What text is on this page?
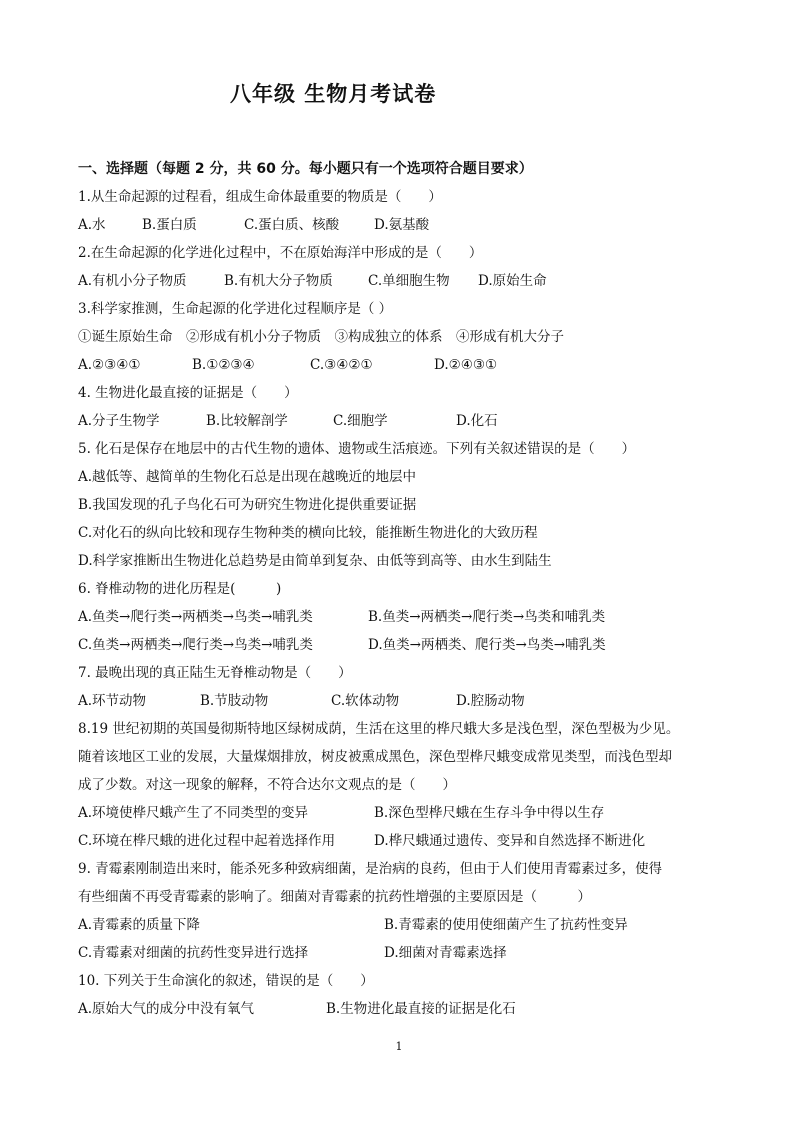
八年级 生物月考试卷
一、选择题（每题 2 分，共 60 分。每小题只有一个选项符合题目要求）
1.从生命起源的过程看，组成生命体最重要的物质是（　　）
A.水	B.蛋白质	C.蛋白质、核酸	D.氨基酸
2.在生命起源的化学进化过程中，不在原始海洋中形成的是（　　）
A.有机小分子物质	B.有机大分子物质	C.单细胞生物 D.原始生命
3.科学家推测，生命起源的化学进化过程顺序是（ ）
①诞生原始生命　②形成有机小分子物质　③构成独立的体系　④形成有机大分子
A.②③④①	B.①②③④	C.③④②①	D.②④③①
4. 生物进化最直接的证据是（　　）
A.分子生物学	B.比较解剖学	C.细胞学	D.化石
5. 化石是保存在地层中的古代生物的遗体、遗物或生活痕迹。下列有关叙述错误的是（　　）
A.越低等、越简单的生物化石总是出现在越晚近的地层中
B.我国发现的孔子鸟化石可为研究生物进化提供重要证据
C.对化石的纵向比较和现存生物种类的横向比较，能推断生物进化的大致历程
D.科学家推断出生物进化总趋势是由简单到复杂、由低等到高等、由水生到陆生
6. 脊椎动物的进化历程是(　　　)
A.鱼类→爬行类→两栖类→鸟类→哺乳类	B.鱼类→两栖类→爬行类→鸟类和哺乳类
C.鱼类→两栖类→爬行类→鸟类→哺乳类	D.鱼类→两栖类、爬行类→鸟类→哺乳类
7. 最晚出现的真正陆生无脊椎动物是（　　）
A.环节动物	B.节肢动物	C.软体动物	D.腔肠动物
8.19 世纪初期的英国曼彻斯特地区绿树成荫，生活在这里的桦尺蛾大多是浅色型，深色型极为少见。
随着该地区工业的发展，大量煤烟排放，树皮被熏成黑色，深色型桦尺蛾变成常见类型，而浅色型却
成了少数。对这一现象的解释，不符合达尔文观点的是（　　）
A.环境使桦尺蛾产生了不同类型的变异	B.深色型桦尺蛾在生存斗争中得以生存
C.环境在桦尺蛾的进化过程中起着选择作用	D.桦尺蛾通过遗传、变异和自然选择不断进化
9. 青霉素刚制造出来时，能杀死多种致病细菌，是治病的良药，但由于人们使用青霉素过多，使得
有些细菌不再受青霉素的影响了。细菌对青霉素的抗药性增强的主要原因是（　　　）
A.青霉素的质量下降	B.青霉素的使用使细菌产生了抗药性变异
C.青霉素对细菌的抗药性变异进行选择	D.细菌对青霉素选择
10. 下列关于生命演化的叙述，错误的是（　　）
A.原始大气的成分中没有氧气	B.生物进化最直接的证据是化石
1
